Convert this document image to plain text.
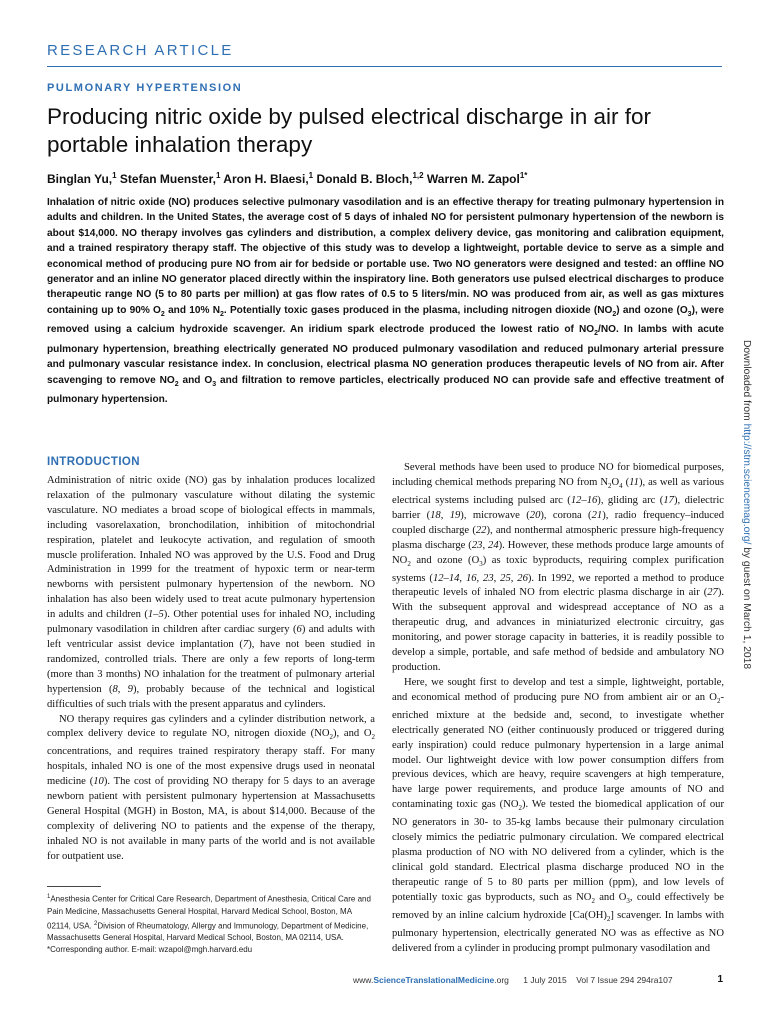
RESEARCH ARTICLE
PULMONARY HYPERTENSION
Producing nitric oxide by pulsed electrical discharge in air for portable inhalation therapy
Binglan Yu,$^1$ Stefan Muenster,$^1$ Aron H. Blaesi,$^1$ Donald B. Bloch,$^{1,2}$ Warren M. Zapol$^{1*}$

Inhalation of nitric oxide (NO) produces selective pulmonary vasodilation and is an effective therapy for treating pulmonary hypertension in adults and children. In the United States, the average cost of 5 days of inhaled NO for persistent pulmonary hypertension of the newborn is about $14,000. NO therapy involves gas cylinders and distribution, a complex delivery device, gas monitoring and calibration equipment, and a trained respiratory therapy staff. The objective of this study was to develop a lightweight, portable device to serve as a simple and economical method of producing pure NO from air for bedside or portable use. Two NO generators were designed and tested: an offline NO generator and an inline NO generator placed directly within the inspiratory line. Both generators use pulsed electrical discharges to produce therapeutic range NO (5 to 80 parts per million) at gas flow rates of 0.5 to 5 liters/min. NO was produced from air, as well as gas mixtures containing up to 90% $O_2$ and 10% $N_2$. Potentially toxic gases produced in the plasma, including nitrogen dioxide $(NO_2)$ and ozone $(O_3)$, were removed using a calcium hydroxide scavenger. An iridium spark electrode produced the lowest ratio of $NO_2/NO$. In lambs with acute pulmonary hypertension, breathing electrically generated NO produced pulmonary vasodilation and reduced pulmonary arterial pressure and pulmonary vascular resistance index. In conclusion, electrical plasma NO generation produces therapeutic levels of NO from air. After scavenging to remove $NO_2$ and $O_3$ and filtration to remove particles, electrically produced NO can provide safe and effective treatment of pulmonary hypertension.

INTRODUCTION

Administration of nitric oxide (NO) gas by inhalation produces localized relaxation of the pulmonary vasculature without dilating the systemic vasculature. NO mediates a broad scope of biological effects in mammals, including vasorelaxation, bronchodilation, inhibition of mitochondrial respiration, platelet and leukocyte activation, and regulation of smooth muscle proliferation. Inhaled NO was approved by the U.S. Food and Drug Administration in 1999 for the treatment of hypoxic term or near-term newborns with persistent pulmonary hypertension of the newborn. NO inhalation has also been widely used to treat acute pulmonary hypertension in adults and children (1–5). Other potential uses for inhaled NO, including pulmonary vasodilation in children after cardiac surgery (6) and adults with left ventricular assist device implantation (7), have not been studied in randomized, controlled trials. There are only a few reports of long-term (more than 3 months) NO inhalation for the treatment of pulmonary arterial hypertension (8, 9), probably because of the technical and logistical difficulties of such trials with the present apparatus and cylinders.

NO therapy requires gas cylinders and a cylinder distribution network, a complex delivery device to regulate NO, nitrogen dioxide $(NO_2)$, and $O_2$ concentrations, and requires trained respiratory therapy staff. For many hospitals, inhaled NO is one of the most expensive drugs used in neonatal medicine (10). The cost of providing NO therapy for 5 days to an average newborn patient with persistent pulmonary hypertension at Massachusetts General Hospital (MGH) in Boston, MA, is about $14,000. Because of the complexity of delivering NO to patients and the expense of the therapy, inhaled NO is not available in many parts of the world and is not available for outpatient use.

Several methods have been used to produce NO for biomedical purposes, including chemical methods preparing NO from $N_2O_4$ (11), as well as various electrical systems including pulsed arc (12–16), gliding arc (17), dielectric barrier (18, 19), microwave (20), corona (21), radio frequency–induced coupled discharge (22), and nonthermal atmospheric pressure high-frequency plasma discharge (23, 24). However, these methods produce large amounts of $NO_2$ and ozone $(O_3)$ as toxic byproducts, requiring complex purification systems (12–14, 16, 23, 25, 26). In 1992, we reported a method to produce therapeutic levels of inhaled NO from electric plasma discharge in air (27). With the subsequent approval and widespread acceptance of NO as a therapeutic drug, and advances in miniaturized electronic circuitry, gas monitoring, and power storage capacity in batteries, it is readily possible to develop a simple, portable, and safe method of bedside and ambulatory NO production.

Here, we sought first to develop and test a simple, lightweight, portable, and economical method of producing pure NO from ambient air or an $O_2$-enriched mixture at the bedside and, second, to investigate whether electrically generated NO (either continuously produced or triggered during early inspiration) could reduce pulmonary hypertension in a large animal model. Our lightweight device with low power consumption differs from previous devices, which are heavy, require scavengers at high temperature, have large power requirements, and produce large amounts of NO and contaminating toxic gas $(NO_2)$. We tested the biomedical application of our NO generators in 30- to 35-kg lambs because their pulmonary circulation closely mimics the pediatric pulmonary circulation. We compared electrical plasma production of NO with NO delivered from a cylinder, which is the clinical gold standard. Electrical plasma discharge produced NO in the therapeutic range of 5 to 80 parts per million (ppm), and low levels of potentially toxic gas byproducts, such as $NO_2$ and $O_3$, could effectively be removed by an inline calcium hydroxide $[Ca(OH)_2]$ scavenger. In lambs with pulmonary hypertension, electrically generated NO was as effective as NO delivered from a cylinder in producing prompt pulmonary vasodilation and

$^1$Anesthesia Center for Critical Care Research, Department of Anesthesia, Critical Care and Pain Medicine, Massachusetts General Hospital, Harvard Medical School, Boston, MA 02114, USA. $^2$Division of Rheumatology, Allergy and Immunology, Department of Medicine, Massachusetts General Hospital, Harvard Medical School, Boston, MA 02114, USA.
*Corresponding author. E-mail: wzapol@mgh.harvard.edu

Downloaded from http://stm.sciencemag.org/ by guest on March 1, 2018
www.ScienceTranslationalMedicine.org 1 July 2015    Vol 7 Issue 294 294ra107	1
